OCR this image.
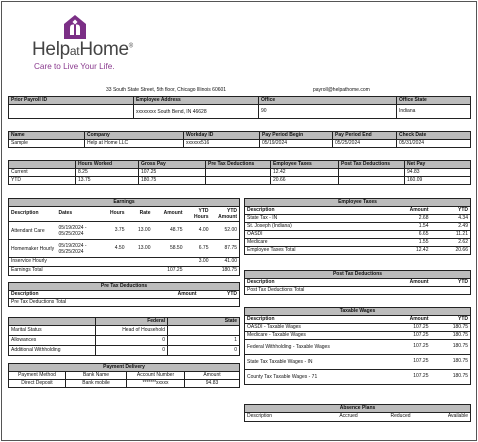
HelpatHome®
Care to Live Your Life.
33 South State Street, 5th floor, Chicago Illinois 60601	payroll@helpathome.com
Prior Payroll ID	Employee Address	Office	Office State
	xxxxxxxx South Bend, IN 46628	90	Indiana
Name	Company	Workday ID	Pay Period Begin	Pay Period End	Check Date
Sample	Help at Home LLC	xxxxxx516	05/19/2024	05/25/2024	05/31/2024
	Hours Worked	Gross Pay	Pre Tax Deductions	Employee Taxes	Post Tax Deductions	Net Pay
Current	8.25	107.25		12.42		94.83
YTD	13.75	180.75		20.66		160.09
Earnings						
Description	Dates	Hours	Rate	Amount	YTD Hours	YTD Amount
Attendant Care	05/19/2024 - 05/25/2024	3.75	13.00	48.75	4.00	52.00
Homemaker Hourly	05/19/2024 - 05/25/2024	4.50	13.00	58.50	6.75	87.75
Inservice Hourly					3.00	41.00
Earnings Total				107.25		180.75
Pre Tax Deductions
Description	Amount	YTD
Pre Tax Deductions Total
	Federal	State
Marital Status	Head of Household	
Allowances	0	1
Additional Withholding	0	0
Payment Delivery			
Payment Method	Bank Name	Account Number	Amount
Direct Deposit	Bank mobile	*******xxxxx	94.83
Employee Taxes		
Description	Amount	YTD
State Tax - IN	2.68	4.34
St. Joseph (Indiana)	1.54	2.49
OASDI	6.65	11.21
Medicare	1.55	2.62
Employee Taxes Total	12.42	20.66
Post Tax Deductions
Description	Amount	YTD
Post Tax Deductions Total
Taxable Wages		
Description	Amount	YTD
OASDI - Taxable Wages	107.25	180.75
Medicare - Taxable Wages	107.25	180.75
Federal Withholding - Taxable Wages	107.25	180.75
State Tax Taxable Wages - IN	107.25	180.75
County Tax Taxable Wages - 71	107.25	180.75
Absence Plans
Description	Accrued	Reduced	Available
